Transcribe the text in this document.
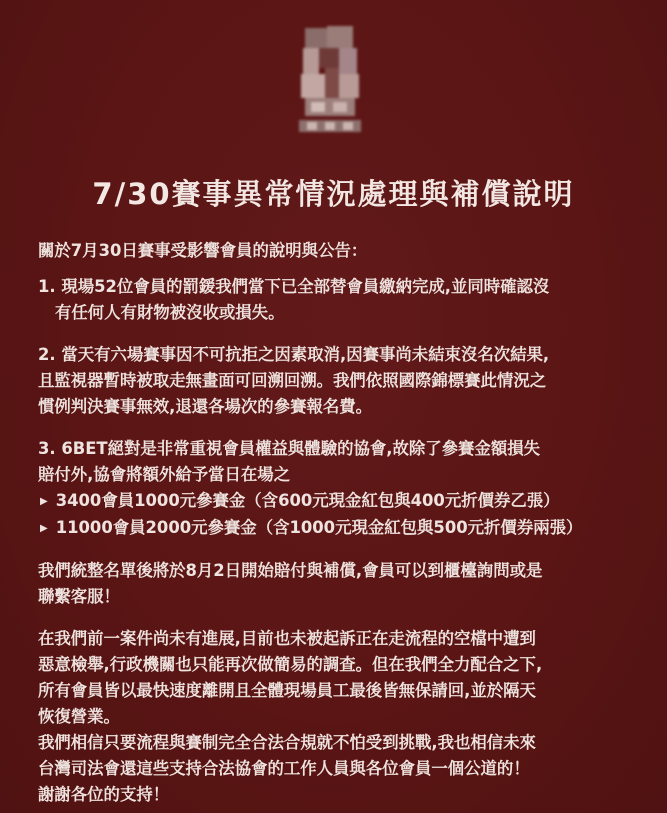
7/30賽事異常情況處理與補償說明

關於7月30日賽事受影響會員的說明與公告：

1. 現場52位會員的罰鍰我們當下已全部替會員繳納完成,並同時確認沒

有任何人有財物被沒收或損失。

2. 當天有六場賽事因不可抗拒之因素取消,因賽事尚未結束沒名次結果,

且監視器暫時被取走無畫面可回溯回溯。我們依照國際錦標賽此情況之

慣例判決賽事無效,退還各場次的參賽報名費。

3. 6BET絕對是非常重視會員權益與體驗的協會,故除了參賽金額損失

賠付外,協會將額外給予當日在場之

▶ 3400會員1000元參賽金（含600元現金紅包與400元折價券乙張）

▶ 11000會員2000元參賽金（含1000元現金紅包與500元折價券兩張）

我們統整名單後將於8月2日開始賠付與補償,會員可以到櫃檯詢問或是

聯繫客服！

在我們前一案件尚未有進展,目前也未被起訴正在走流程的空檔中遭到

惡意檢舉,行政機關也只能再次做簡易的調查。但在我們全力配合之下,

所有會員皆以最快速度離開且全體現場員工最後皆無保請回,並於隔天

恢復營業。

我們相信只要流程與賽制完全合法合規就不怕受到挑戰,我也相信未來

台灣司法會還這些支持合法協會的工作人員與各位會員一個公道的！

謝謝各位的支持！
